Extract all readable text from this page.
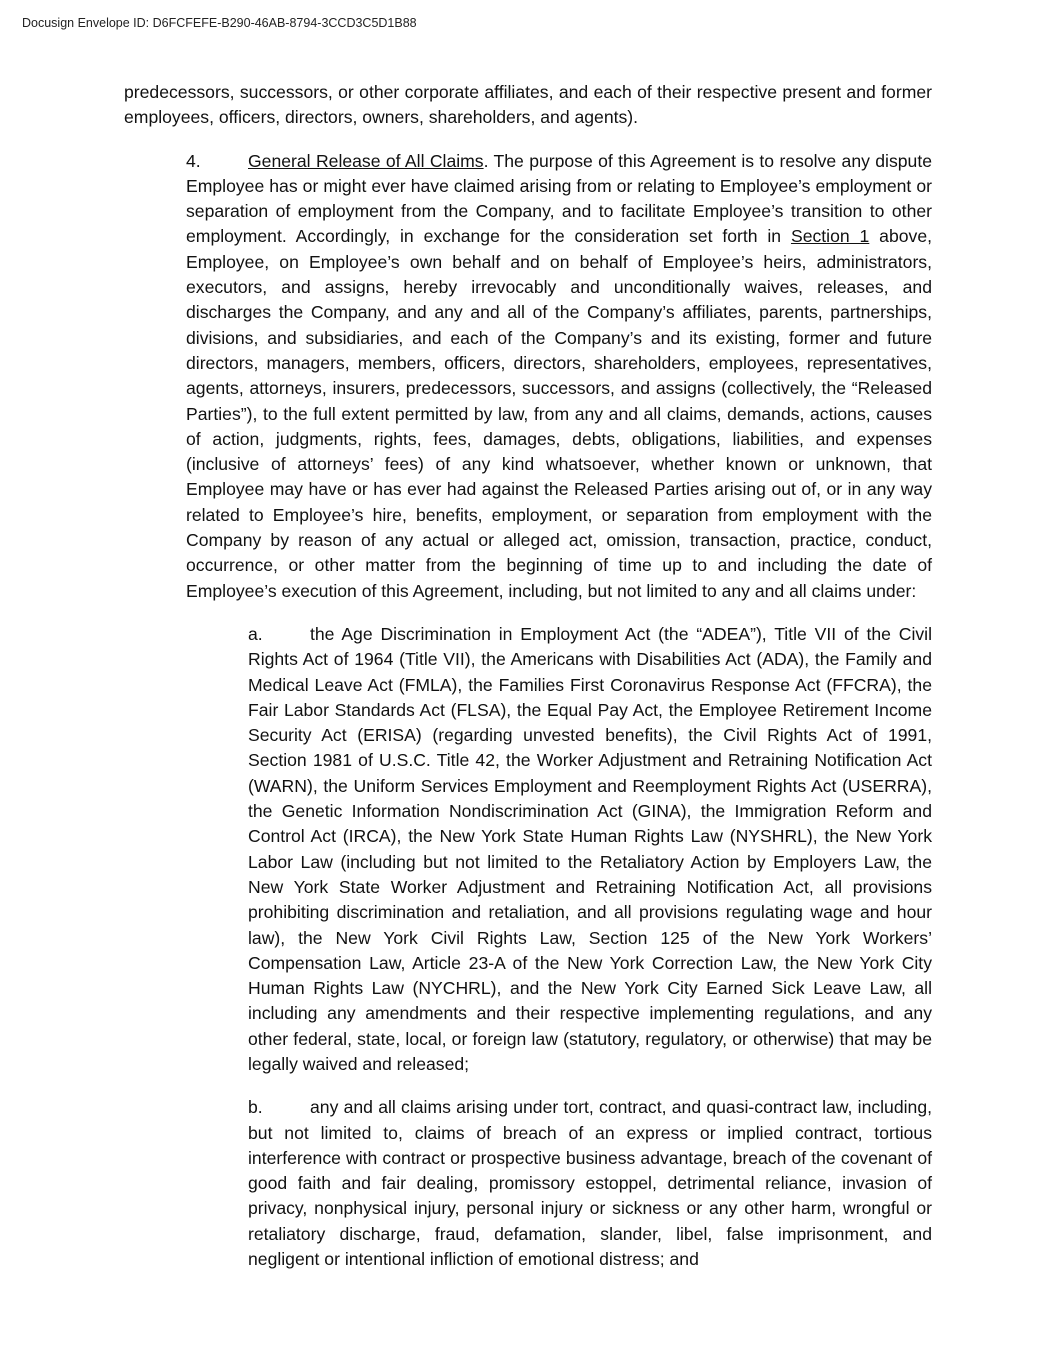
Docusign Envelope ID: D6FCFEFE-B290-46AB-8794-3CCD3C5D1B88

predecessors, successors, or other corporate affiliates, and each of their respective present and former employees, officers, directors, owners, shareholders, and agents).

4.	General Release of All Claims. The purpose of this Agreement is to resolve any dispute Employee has or might ever have claimed arising from or relating to Employee’s employment or separation of employment from the Company, and to facilitate Employee’s transition to other employment. Accordingly, in exchange for the consideration set forth in Section 1 above, Employee, on Employee’s own behalf and on behalf of Employee’s heirs, administrators, executors, and assigns, hereby irrevocably and unconditionally waives, releases, and discharges the Company, and any and all of the Company’s affiliates, parents, partnerships, divisions, and subsidiaries, and each of the Company’s and its existing, former and future directors, managers, members, officers, directors, shareholders, employees, representatives, agents, attorneys, insurers, predecessors, successors, and assigns (collectively, the “Released Parties”), to the full extent permitted by law, from any and all claims, demands, actions, causes of action, judgments, rights, fees, damages, debts, obligations, liabilities, and expenses (inclusive of attorneys’ fees) of any kind whatsoever, whether known or unknown, that Employee may have or has ever had against the Released Parties arising out of, or in any way related to Employee’s hire, benefits, employment, or separation from employment with the Company by reason of any actual or alleged act, omission, transaction, practice, conduct, occurrence, or other matter from the beginning of time up to and including the date of Employee’s execution of this Agreement, including, but not limited to any and all claims under:

a.	the Age Discrimination in Employment Act (the “ADEA”), Title VII of the Civil Rights Act of 1964 (Title VII), the Americans with Disabilities Act (ADA), the Family and Medical Leave Act (FMLA), the Families First Coronavirus Response Act (FFCRA), the Fair Labor Standards Act (FLSA), the Equal Pay Act, the Employee Retirement Income Security Act (ERISA) (regarding unvested benefits), the Civil Rights Act of 1991, Section 1981 of U.S.C. Title 42, the Worker Adjustment and Retraining Notification Act (WARN), the Uniform Services Employment and Reemployment Rights Act (USERRA), the Genetic Information Nondiscrimination Act (GINA), the Immigration Reform and Control Act (IRCA), the New York State Human Rights Law (NYSHRL), the New York Labor Law (including but not limited to the Retaliatory Action by Employers Law, the New York State Worker Adjustment and Retraining Notification Act, all provisions prohibiting discrimination and retaliation, and all provisions regulating wage and hour law), the New York Civil Rights Law, Section 125 of the New York Workers’ Compensation Law, Article 23-A of the New York Correction Law, the New York City Human Rights Law (NYCHRL), and the New York City Earned Sick Leave Law, all including any amendments and their respective implementing regulations, and any other federal, state, local, or foreign law (statutory, regulatory, or otherwise) that may be legally waived and released;

b.	any and all claims arising under tort, contract, and quasi-contract law, including, but not limited to, claims of breach of an express or implied contract, tortious interference with contract or prospective business advantage, breach of the covenant of good faith and fair dealing, promissory estoppel, detrimental reliance, invasion of privacy, nonphysical injury, personal injury or sickness or any other harm, wrongful or retaliatory discharge, fraud, defamation, slander, libel, false imprisonment, and negligent or intentional infliction of emotional distress; and
